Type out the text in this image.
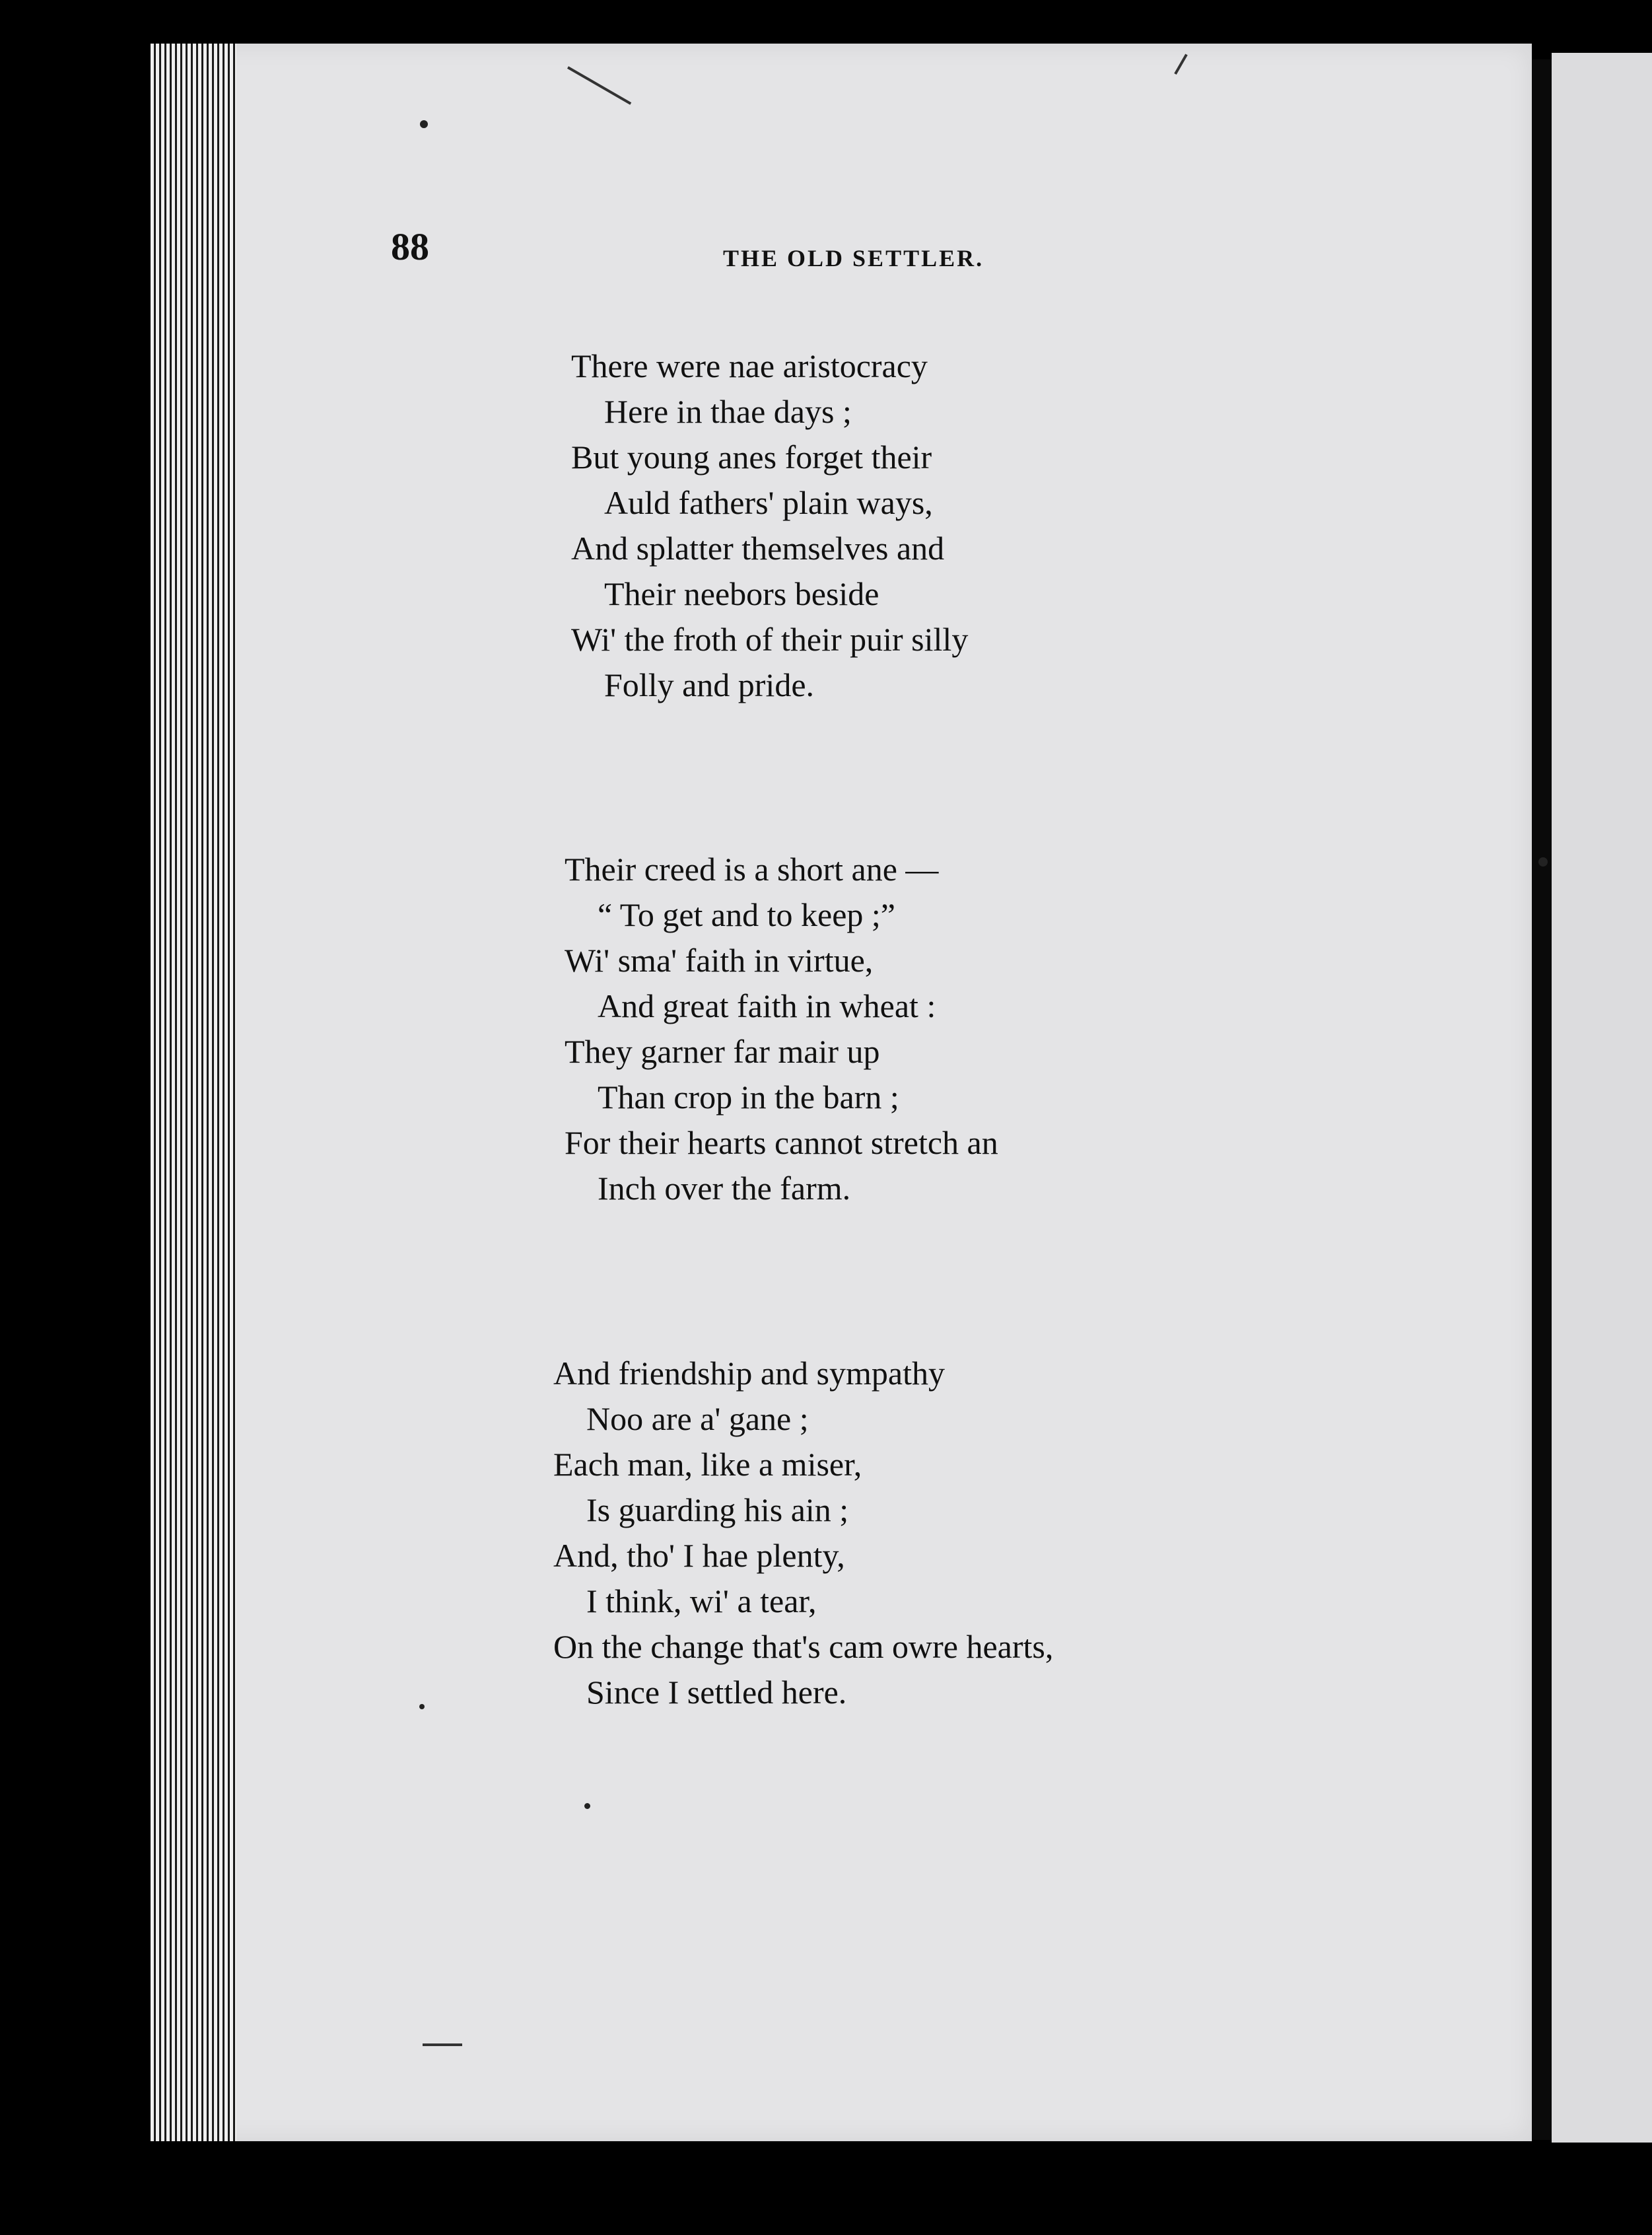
88	THE OLD SETTLER.
There were nae aristocracy
Here in thae days ;
But young anes forget their
Auld fathers' plain ways,
And splatter themselves and
Their neebors beside
Wi' the froth of their puir silly
Folly and pride.
Their creed is a short ane —
“ To get and to keep ;”
Wi' sma' faith in virtue,
And great faith in wheat :
They garner far mair up
Than crop in the barn ;
For their hearts cannot stretch an
Inch over the farm.
And friendship and sympathy
Noo are a' gane ;
Each man, like a miser,
Is guarding his ain ;
And, tho' I hae plenty,
I think, wi' a tear,
On the change that's cam owre hearts,
Since I settled here.
